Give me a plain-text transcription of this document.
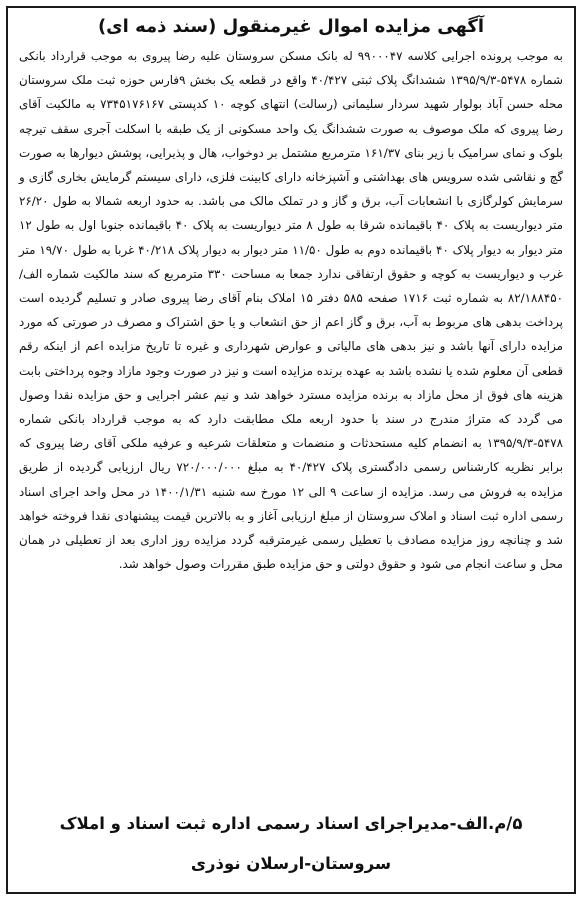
آگهی مزایده اموال غیرمنقول (سند ذمه ای)

به موجب پرونده اجرایی کلاسه ۹۹۰۰۰۴۷ له بانک مسکن سروستان علیه رضا پیروی به موجب قرارداد بانکی شماره ۵۴۷۸-۱۳۹۵/۹/۳ ششدانگ پلاک ثبتی ۴۰/۴۲۷ واقع در قطعه یک بخش ۹فارس حوزه ثبت ملک سروستان محله حسن آباد بولوار شهید سردار سلیمانی (رسالت) انتهای کوچه ۱۰ کدپستی ۷۳۴۵۱۷۶۱۶۷ به مالکیت آقای رضا پیروی که ملک موصوف به صورت ششدانگ یک واحد مسکونی از یک طبقه با اسکلت آجری سقف تیرچه بلوک و نمای سرامیک با زیر بنای ۱۶۱/۳۷ مترمربع مشتمل بر دوخواب، هال و پذیرایی، پوشش دیوارها به صورت گچ و نقاشی شده سرویس های بهداشتی و آشپزخانه دارای کابینت فلزی، دارای سیستم گرمایش بخاری گازی و سرمایش کولرگازی با انشعابات آب، برق و گاز و در تملک مالک می باشد. به حدود اربعه شمالا به طول ۲۶/۲۰ متر دیواریست به پلاک ۴۰ باقیمانده شرقا به طول ۸ متر دیواریست به پلاک ۴۰ باقیمانده جنوبا اول به طول ۱۲ متر دیوار به دیوار پلاک ۴۰ باقیمانده دوم به طول ۱۱/۵۰ متر دیوار به دیوار پلاک ۴۰/۲۱۸ غربا به طول ۱۹/۷۰ متر غرب و دیواریست به کوچه و حقوق ارتفاقی ندارد جمعا به مساحت ۳۳۰ مترمربع که سند مالکیت شماره الف/۸۲/۱۸۸۴۵۰ به شماره ثبت ۱۷۱۶ صفحه ۵۸۵ دفتر ۱۵ املاک بنام آقای رضا پیروی صادر و تسلیم گردیده است پرداخت بدهی های مربوط به آب، برق و گاز اعم از حق انشعاب و یا حق اشتراک و مصرف در صورتی که مورد مزایده دارای آنها باشد و نیز بدهی های مالیاتی و عوارض شهرداری و غیره تا تاریخ مزایده اعم از اینکه رقم قطعی آن معلوم شده یا نشده باشد به عهده برنده مزایده است و نیز در صورت وجود مازاد وجوه پرداختی بابت هزینه های فوق از محل مازاد به برنده مزایده مسترد خواهد شد و نیم عشر اجرایی و حق مزایده نقدا وصول می گردد که متراژ مندرج در سند با حدود اربعه ملک مطابقت دارد که به موجب قرارداد بانکی شماره ۵۴۷۸-۱۳۹۵/۹/۳ به انضمام کلیه مستحدثات و منضمات و متعلقات شرعیه و عرفیه ملکی آقای رضا پیروی که برابر نظریه کارشناس رسمی دادگستری پلاک ۴۰/۴۲۷ به مبلغ ۷۲۰/۰۰۰/۰۰۰ ریال ارزیابی گردیده از طریق مزایده به فروش می رسد. مزایده از ساعت ۹ الی ۱۲ مورخ سه شنبه ۱۴۰۰/۱/۳۱ در محل واحد اجرای اسناد رسمی اداره ثبت اسناد و املاک سروستان از مبلغ ارزیابی آغاز و به بالاترین قیمت پیشنهادی نقدا فروخته خواهد شد و چنانچه روز مزایده مصادف با تعطیل رسمی غیرمترقبه گردد مزایده روز اداری بعد از تعطیلی در همان محل و ساعت انجام می شود و حقوق دولتی و حق مزایده طبق مقررات وصول خواهد شد.

۵/م.الف-مدیراجرای اسناد رسمی اداره ثبت اسناد و املاک
سروستان-ارسلان نوذری
